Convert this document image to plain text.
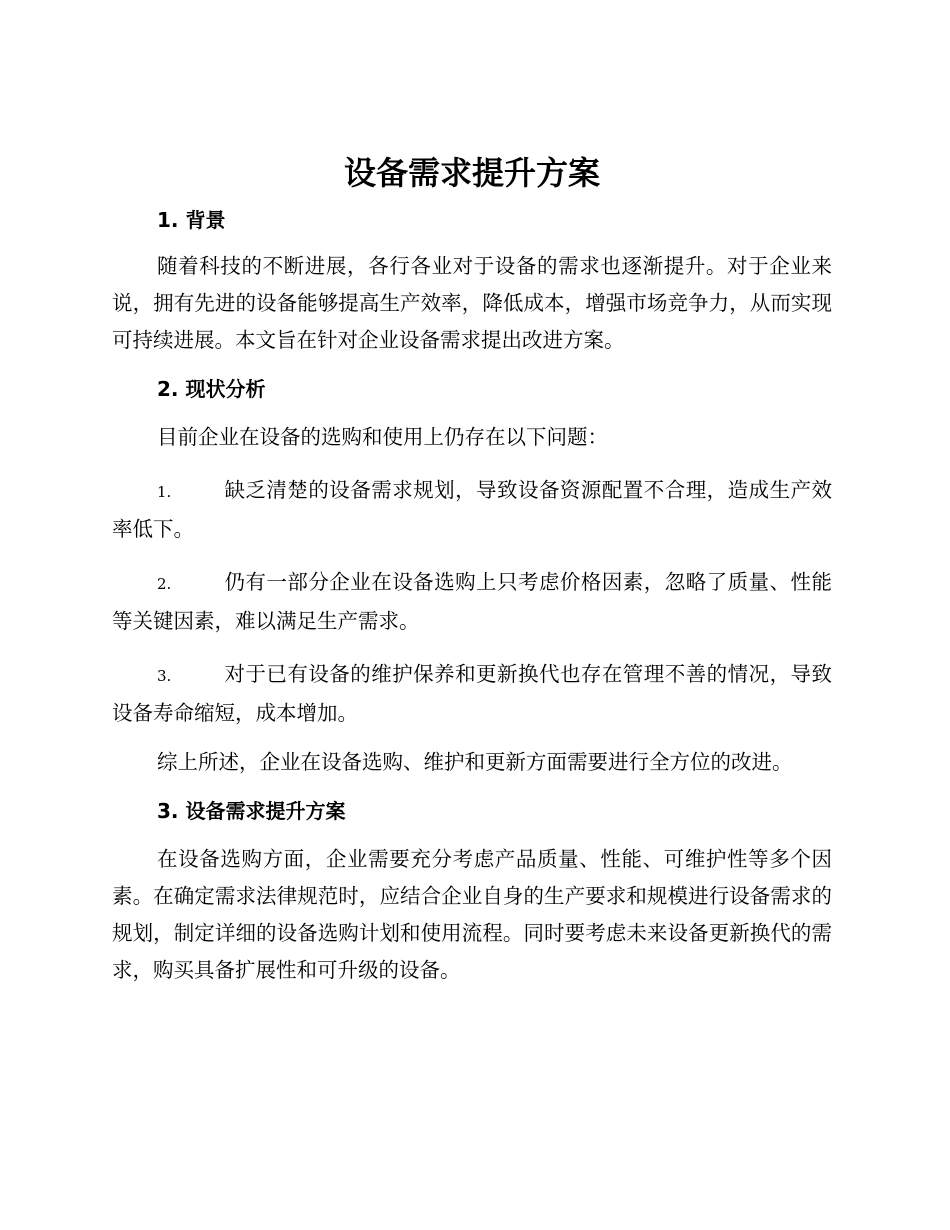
设备需求提升方案
1. 背景

随着科技的不断进展，各行各业对于设备的需求也逐渐提升。对于企业来说，拥有先进的设备能够提高生产效率，降低成本，增强市场竞争力，从而实现可持续进展。本文旨在针对企业设备需求提出改进方案。

2. 现状分析

目前企业在设备的选购和使用上仍存在以下问题：

1.	缺乏清楚的设备需求规划，导致设备资源配置不合理，造成生产效率低下。

2.	仍有一部分企业在设备选购上只考虑价格因素，忽略了质量、性能等关键因素，难以满足生产需求。

3.	对于已有设备的维护保养和更新换代也存在管理不善的情况，导致设备寿命缩短，成本增加。

综上所述，企业在设备选购、维护和更新方面需要进行全方位的改进。

3. 设备需求提升方案

在设备选购方面，企业需要充分考虑产品质量、性能、可维护性等多个因素。在确定需求法律规范时，应结合企业自身的生产要求和规模进行设备需求的规划，制定详细的设备选购计划和使用流程。同时要考虑未来设备更新换代的需求，购买具备扩展性和可升级的设备。
